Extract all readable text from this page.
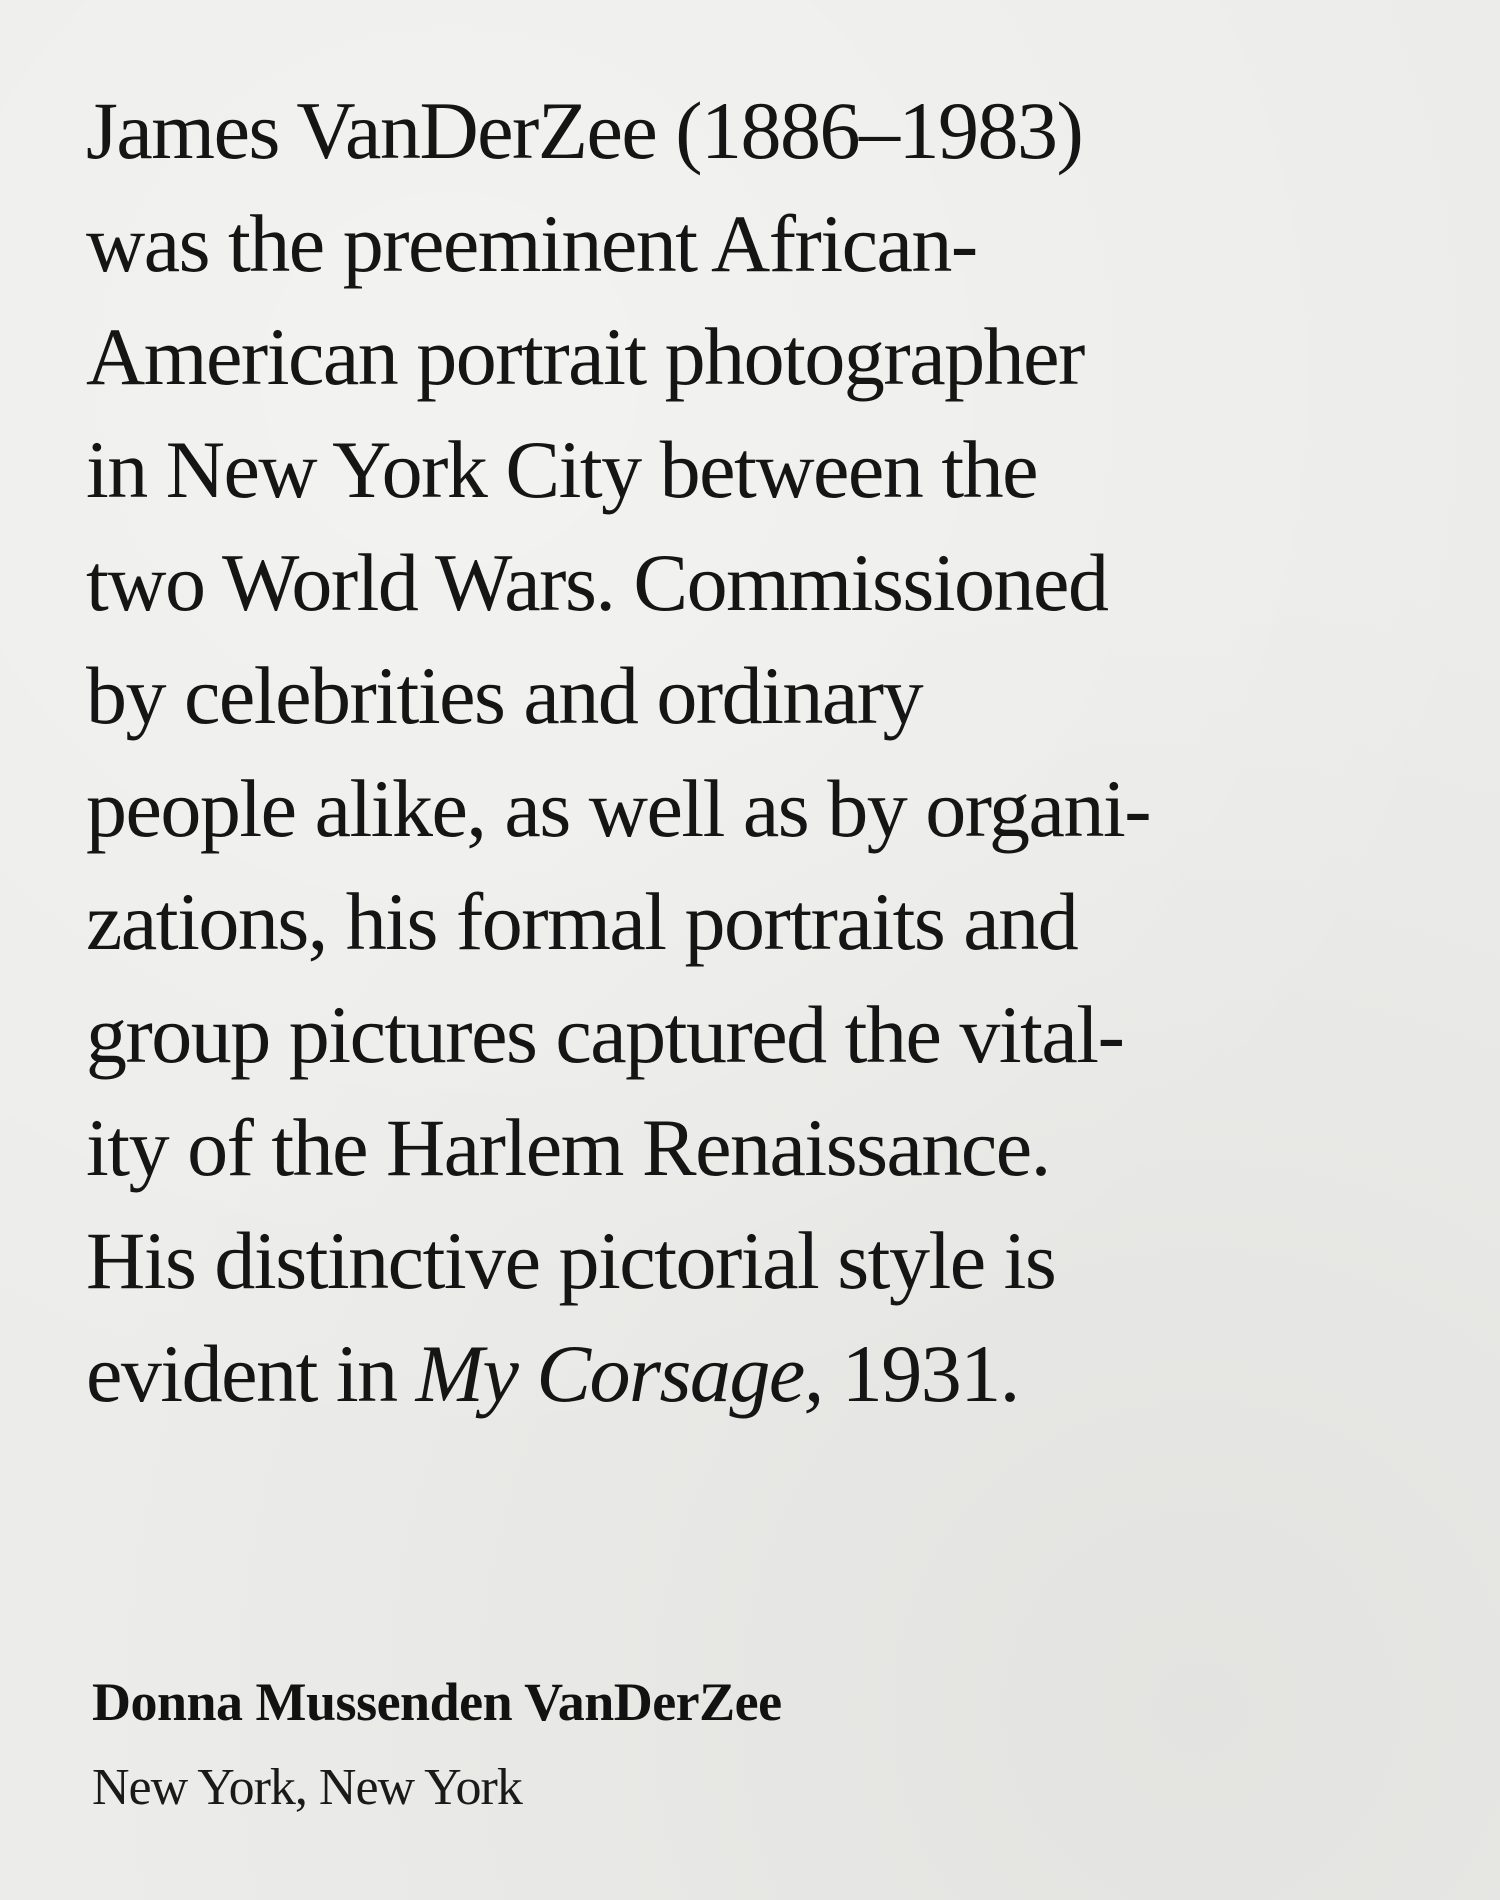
James VanDerZee (1886–1983)
was the preeminent African-
American portrait photographer
in New York City between the
two World Wars. Commissioned
by celebrities and ordinary
people alike, as well as by organi-
zations, his formal portraits and
group pictures captured the vital-
ity of the Harlem Renaissance.
His distinctive pictorial style is
evident in My Corsage, 1931.

Donna Mussenden VanDerZee
New York, New York
